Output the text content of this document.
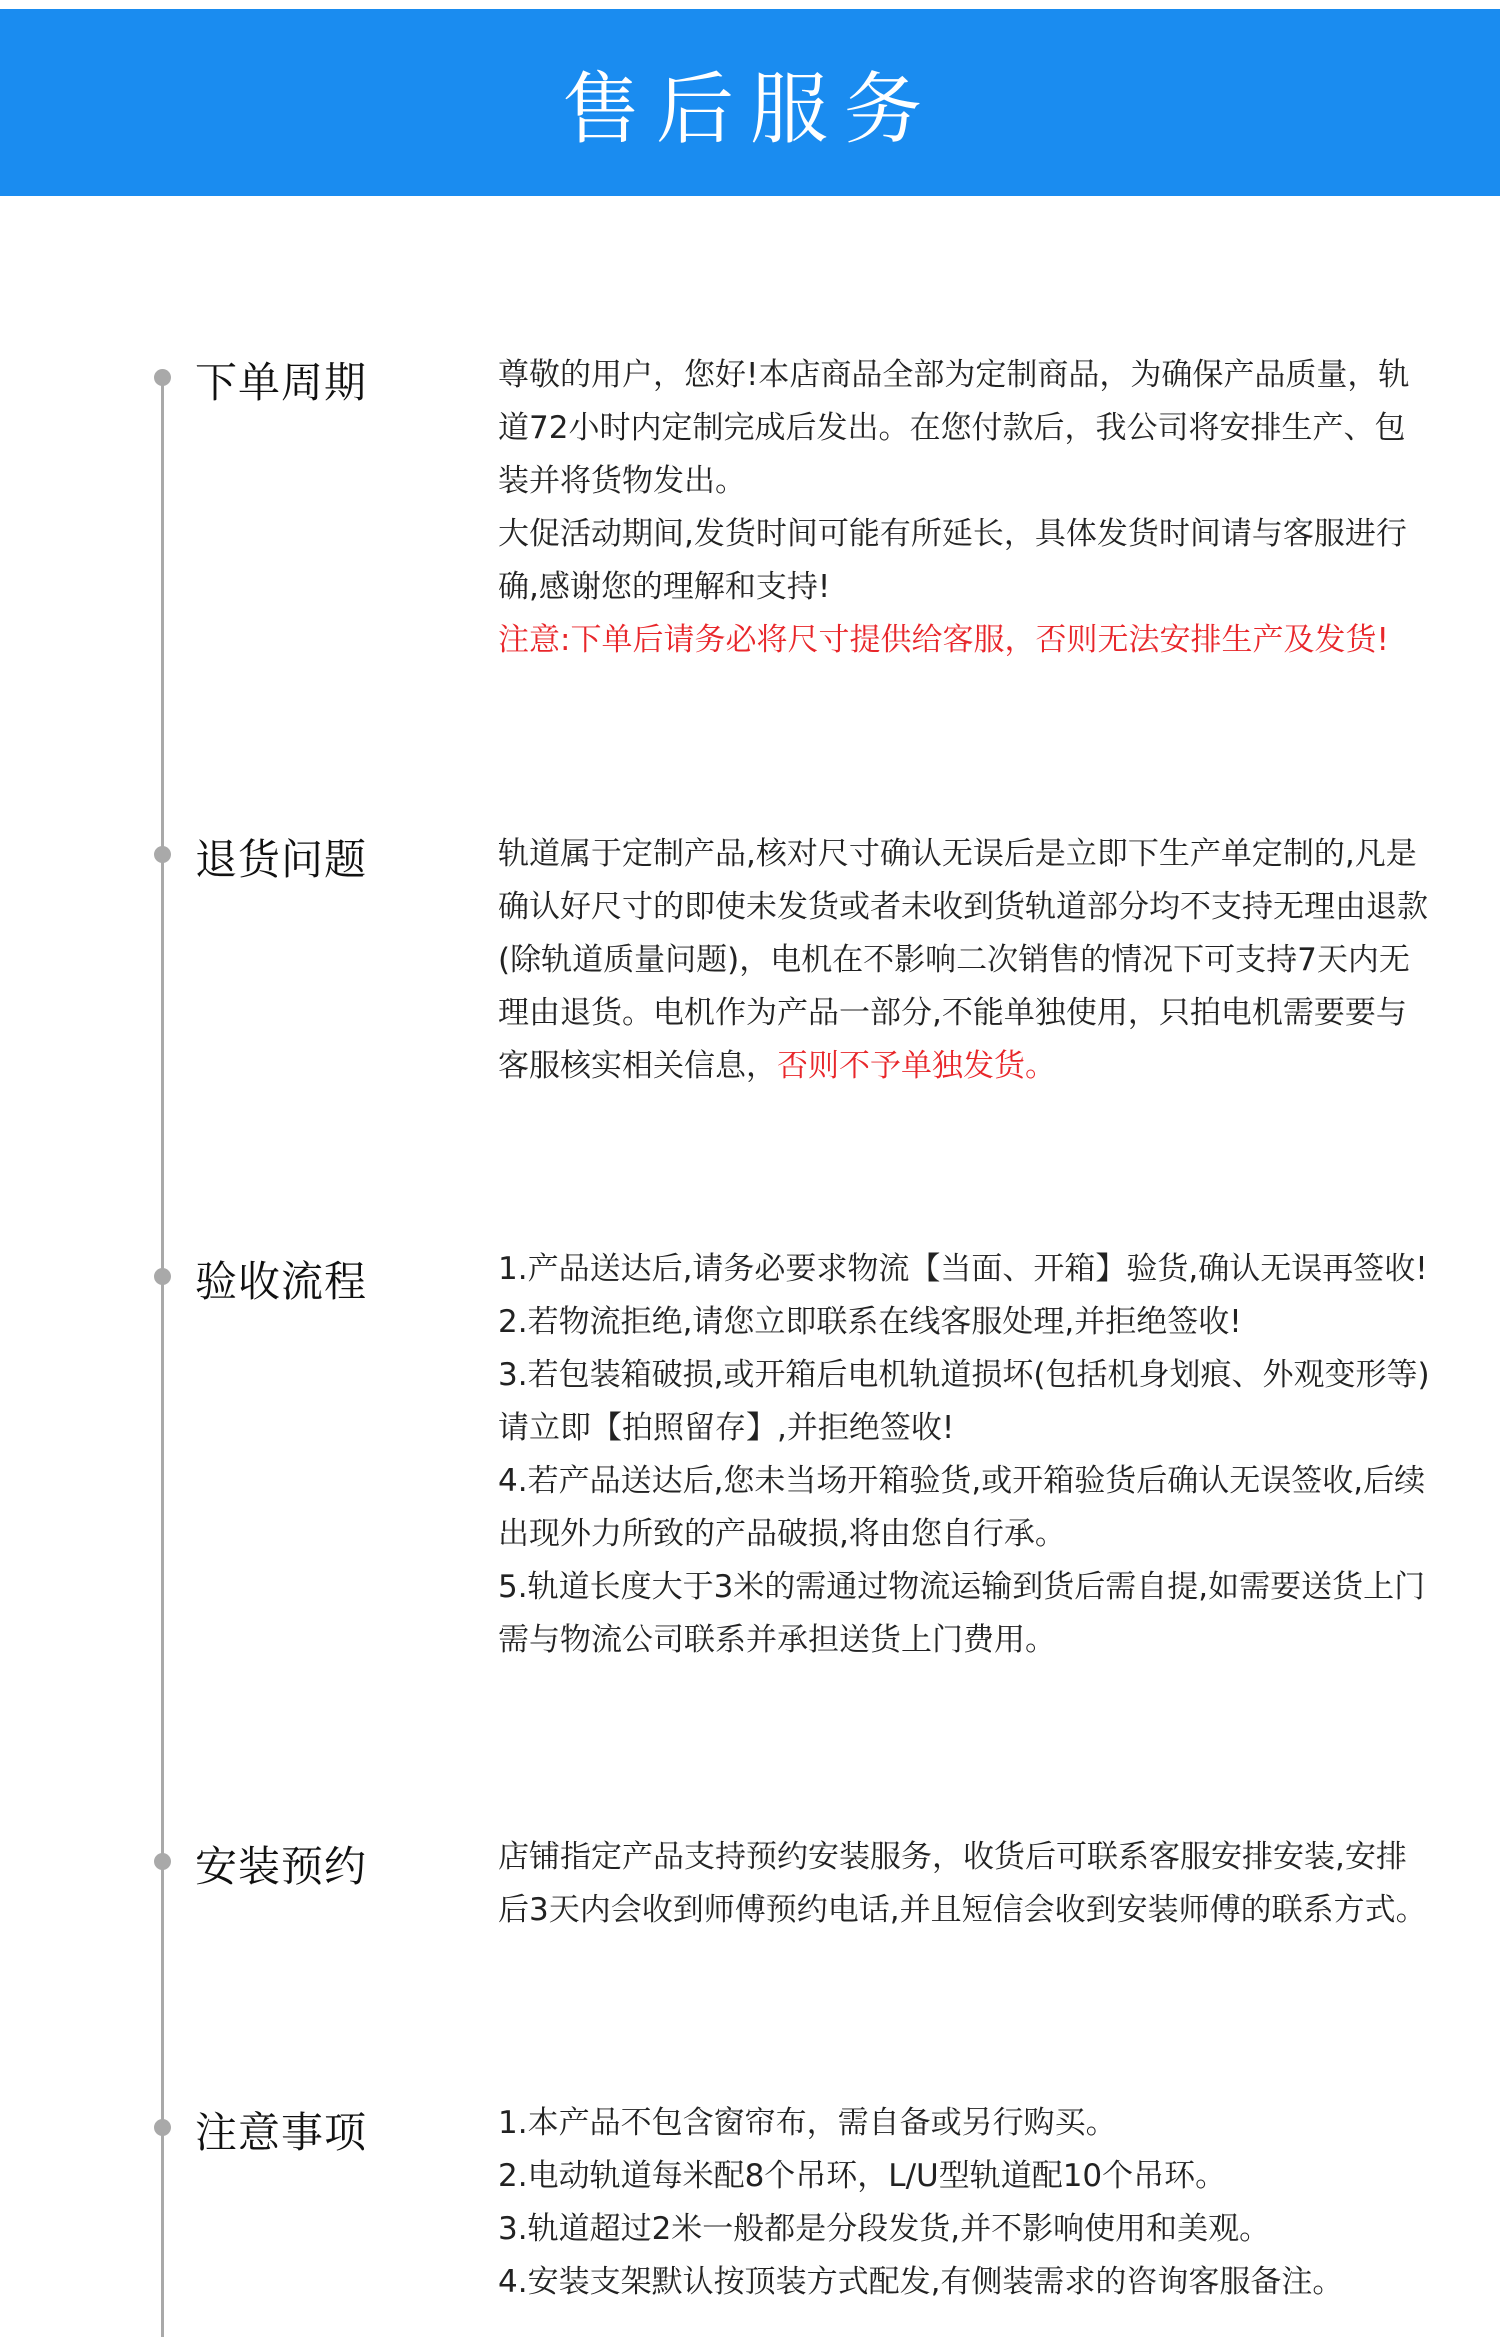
售后服务
下单周期	尊敬的用户，您好!本店商品全部为定制商品，为确保产品质量，轨道72小时内定制完成后发出。在您付款后，我公司将安排生产、包装并将货物发出。

大促活动期间,发货时间可能有所延长，具体发货时间请与客服进行确,感谢您的理解和支持!

注意:下单后请务必将尺寸提供给客服，否则无法安排生产及发货!

退货问题	轨道属于定制产品,核对尺寸确认无误后是立即下生产单定制的,凡是确认好尺寸的即使未发货或者未收到货轨道部分均不支持无理由退款(除轨道质量问题)，电机在不影响二次销售的情况下可支持7天内无理由退货。电机作为产品一部分,不能单独使用，只拍电机需要要与客服核实相关信息，否则不予单独发货。

验收流程	1.产品送达后,请务必要求物流【当面、开箱】验货,确认无误再签收!

2.若物流拒绝,请您立即联系在线客服处理,并拒绝签收!

3.若包装箱破损,或开箱后电机轨道损坏(包括机身划痕、外观变形等)请立即【拍照留存】,并拒绝签收!

4.若产品送达后,您未当场开箱验货,或开箱验货后确认无误签收,后续出现外力所致的产品破损,将由您自行承。

5.轨道长度大于3米的需通过物流运输到货后需自提,如需要送货上门需与物流公司联系并承担送货上门费用。

安装预约	店铺指定产品支持预约安装服务，收货后可联系客服安排安装,安排后3天内会收到师傅预约电话,并且短信会收到安装师傅的联系方式。

注意事项	1.本产品不包含窗帘布，需自备或另行购买。

2.电动轨道每米配8个吊环，L/U型轨道配10个吊环。

3.轨道超过2米一般都是分段发货,并不影响使用和美观。

4.安装支架默认按顶装方式配发,有侧装需求的咨询客服备注。
